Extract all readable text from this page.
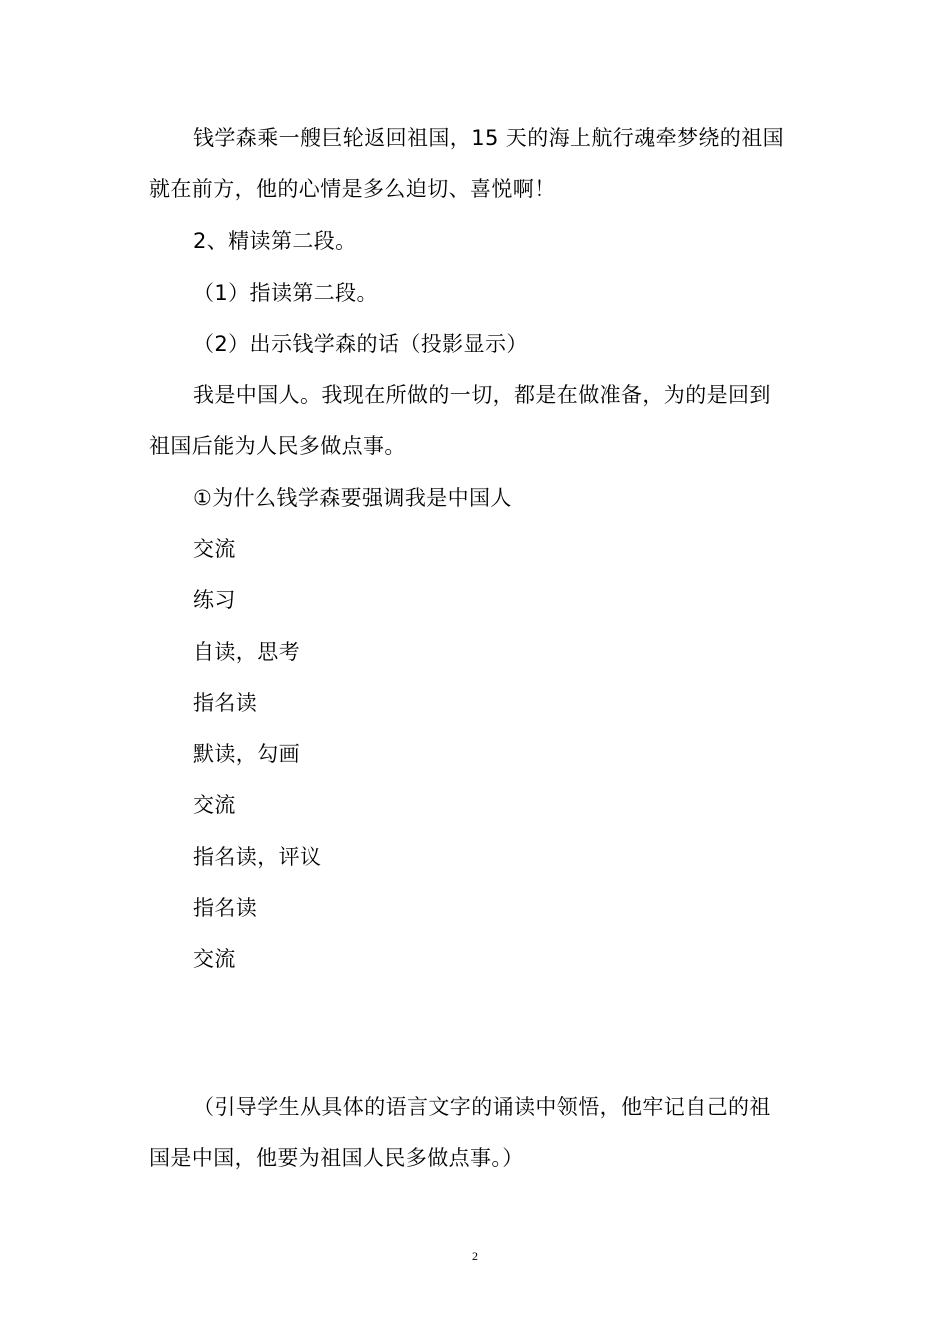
钱学森乘一艘巨轮返回祖国，15 天的海上航行魂牵梦绕的祖国
就在前方，他的心情是多么迫切、喜悦啊！
2、精读第二段。
（1）指读第二段。
（2）出示钱学森的话（投影显示）
我是中国人。我现在所做的一切，都是在做准备，为的是回到
祖国后能为人民多做点事。
①为什么钱学森要强调我是中国人
交流
练习
自读，思考
指名读
默读，勾画
交流
指名读，评议
指名读
交流
（引导学生从具体的语言文字的诵读中领悟，他牢记自己的祖
国是中国，他要为祖国人民多做点事。）
2
